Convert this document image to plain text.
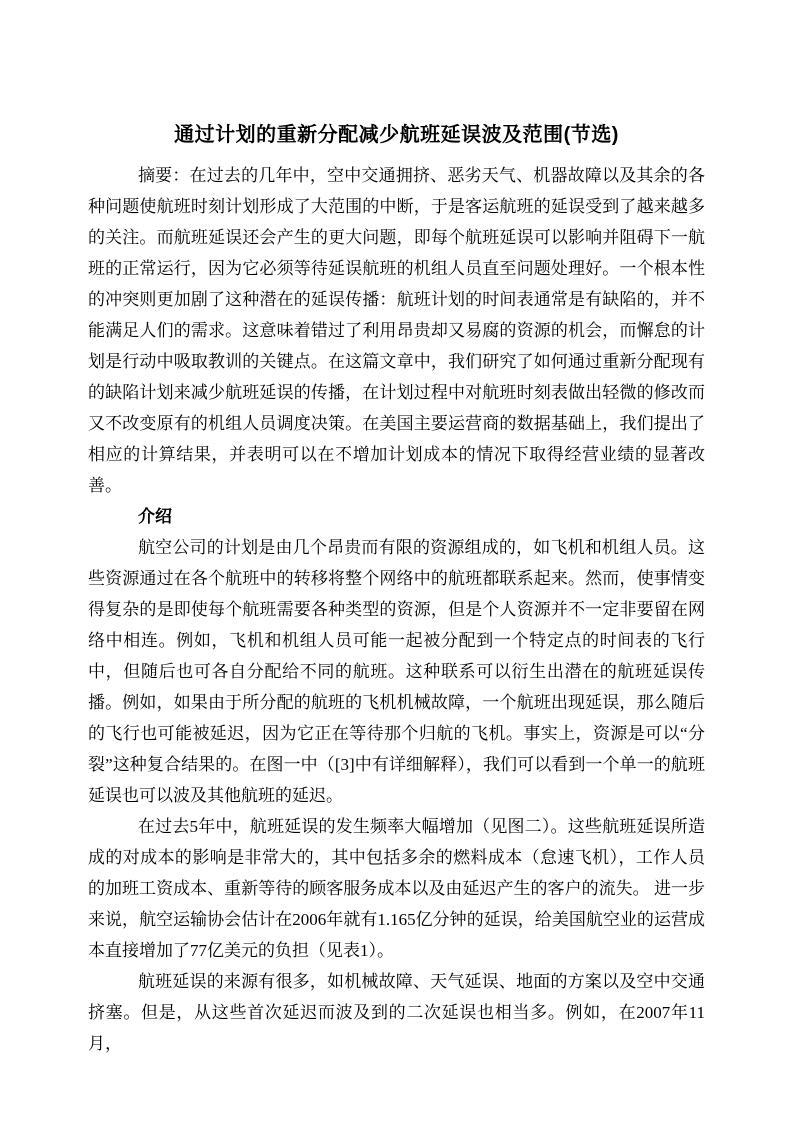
通过计划的重新分配减少航班延误波及范围(节选)

摘要：在过去的几年中，空中交通拥挤、恶劣天气、机器故障以及其余的各种问题使航班时刻计划形成了大范围的中断，于是客运航班的延误受到了越来越多的关注。而航班延误还会产生的更大问题，即每个航班延误可以影响并阻碍下一航班的正常运行，因为它必须等待延误航班的机组人员直至问题处理好。一个根本性的冲突则更加剧了这种潜在的延误传播：航班计划的时间表通常是有缺陷的，并不能满足人们的需求。这意味着错过了利用昂贵却又易腐的资源的机会，而懈怠的计划是行动中吸取教训的关键点。在这篇文章中，我们研究了如何通过重新分配现有的缺陷计划来减少航班延误的传播，在计划过程中对航班时刻表做出轻微的修改而又不改变原有的机组人员调度决策。在美国主要运营商的数据基础上，我们提出了相应的计算结果，并表明可以在不增加计划成本的情况下取得经营业绩的显著改善。

介绍

航空公司的计划是由几个昂贵而有限的资源组成的，如飞机和机组人员。这些资源通过在各个航班中的转移将整个网络中的航班都联系起来。然而，使事情变得复杂的是即使每个航班需要各种类型的资源，但是个人资源并不一定非要留在网络中相连。例如，飞机和机组人员可能一起被分配到一个特定点的时间表的飞行中，但随后也可各自分配给不同的航班。这种联系可以衍生出潜在的航班延误传播。例如，如果由于所分配的航班的飞机机械故障，一个航班出现延误，那么随后的飞行也可能被延迟，因为它正在等待那个归航的飞机。事实上，资源是可以“分裂”这种复合结果的。在图一中（[3]中有详细解释），我们可以看到一个单一的航班延误也可以波及其他航班的延迟。

在过去5年中，航班延误的发生频率大幅增加（见图二）。这些航班延误所造成的对成本的影响是非常大的，其中包括多余的燃料成本（怠速飞机），工作人员的加班工资成本、重新等待的顾客服务成本以及由延迟产生的客户的流失。 进一步来说，航空运输协会估计在2006年就有1.165亿分钟的延误，给美国航空业的运营成本直接增加了77亿美元的负担（见表1）。

航班延误的来源有很多，如机械故障、天气延误、地面的方案以及空中交通挤塞。但是，从这些首次延迟而波及到的二次延误也相当多。例如，在2007年11月，
